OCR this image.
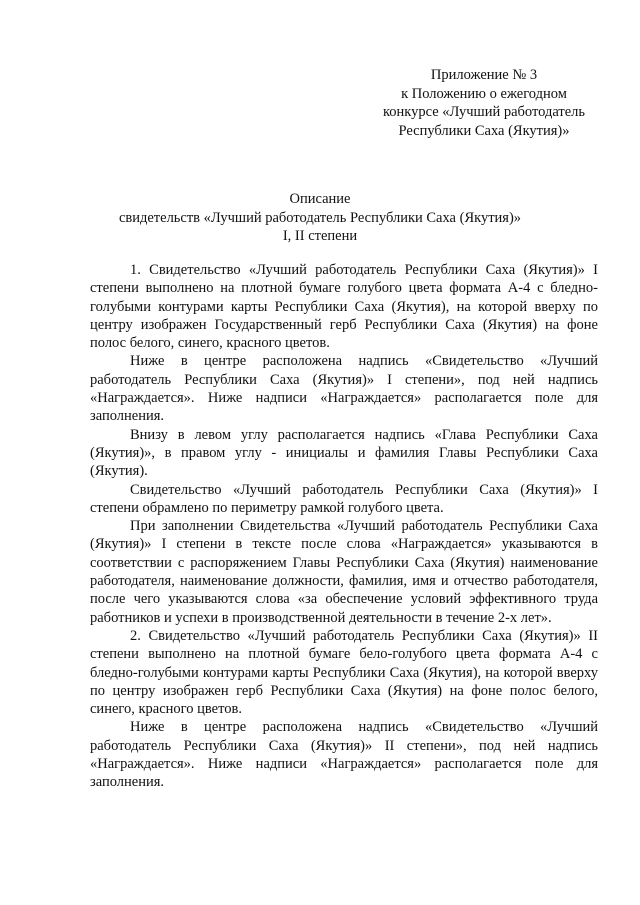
Приложение № 3
к Положению о ежегодном
конкурсе «Лучший работодатель
Республики Саха (Якутия)»
Описание
свидетельств «Лучший работодатель Республики Саха (Якутия)»
I, II степени

1. Свидетельство «Лучший работодатель Республики Саха (Якутия)» I степени выполнено на плотной бумаге голубого цвета формата А-4 с бледно-голубыми контурами карты Республики Саха (Якутия), на которой вверху по центру изображен Государственный герб Республики Саха (Якутия) на фоне полос белого, синего, красного цветов.

Ниже в центре расположена надпись «Свидетельство «Лучший работодатель Республики Саха (Якутия)» I степени», под ней надпись «Награждается». Ниже надписи «Награждается» располагается поле для заполнения.

Внизу в левом углу располагается надпись «Глава Республики Саха (Якутия)», в правом углу - инициалы и фамилия Главы Республики Саха (Якутия).

Свидетельство «Лучший работодатель Республики Саха (Якутия)» I степени обрамлено по периметру рамкой голубого цвета.

При заполнении Свидетельства «Лучший работодатель Республики Саха (Якутия)» I степени в тексте после слова «Награждается» указываются в соответствии с распоряжением Главы Республики Саха (Якутия) наименование работодателя, наименование должности, фамилия, имя и отчество работодателя, после чего указываются слова «за обеспечение условий эффективного труда работников и успехи в производственной деятельности в течение 2-х лет».

2. Свидетельство «Лучший работодатель Республики Саха (Якутия)» II степени выполнено на плотной бумаге бело-голубого цвета формата А-4 с бледно-голубыми контурами карты Республики Саха (Якутия), на которой вверху по центру изображен герб Республики Саха (Якутия) на фоне полос белого, синего, красного цветов.

Ниже в центре расположена надпись «Свидетельство «Лучший работодатель Республики Саха (Якутия)» II степени», под ней надпись «Награждается». Ниже надписи «Награждается» располагается поле для заполнения.
